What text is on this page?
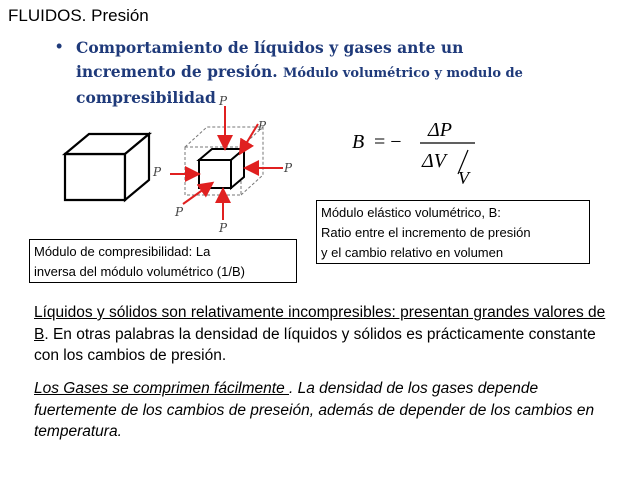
FLUIDOS. Presión
• Comportamiento de líquidos y gases ante un
incremento de presión. Módulo volumétrico y modulo de
compresibilidad P
P
P
P
P
P
B = −
ΔP
ΔV
V
Módulo elástico volumétrico, B:
Ratio entre el incremento de presión
y el cambio relativo en volumen
Módulo de compresibilidad: La
inversa del módulo volumétrico (1/B)
Líquidos y sólidos son relativamente incompresibles: presentan grandes valores de B. En otras palabras la densidad de líquidos y sólidos es prácticamente constante con los cambios de presión.
Los Gases se comprimen fácilmente . La densidad de los gases depende fuertemente de los cambios de preseión, además de depender de los cambios en temperatura.
